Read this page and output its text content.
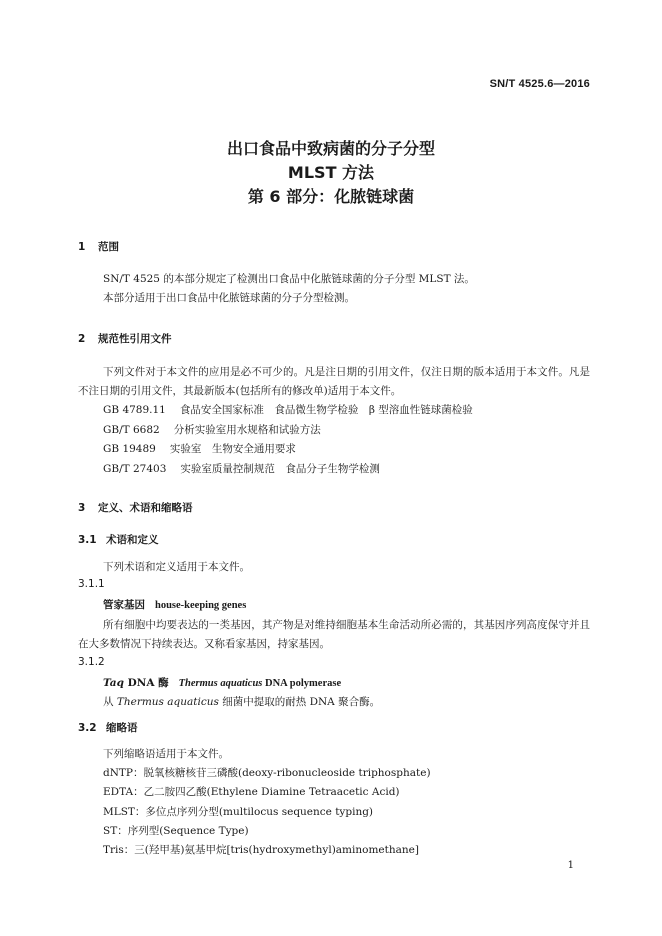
SN/T 4525.6—2016
出口食品中致病菌的分子分型
MLST 方法
第 6 部分：化脓链球菌
1 范围
SN/T 4525 的本部分规定了检测出口食品中化脓链球菌的分子分型 MLST 法。
本部分适用于出口食品中化脓链球菌的分子分型检测。
2 规范性引用文件
下列文件对于本文件的应用是必不可少的。凡是注日期的引用文件，仅注日期的版本适用于本文件。凡是不注日期的引用文件，其最新版本(包括所有的修改单)适用于本文件。
GB 4789.11 食品安全国家标准　食品微生物学检验　β 型溶血性链球菌检验
GB/T 6682 分析实验室用水规格和试验方法
GB 19489 实验室　生物安全通用要求
GB/T 27403 实验室质量控制规范　食品分子生物学检测
3 定义、术语和缩略语
3.1 术语和定义
下列术语和定义适用于本文件。
3.1.1
管家基因 house-keeping genes
所有细胞中均要表达的一类基因，其产物是对维持细胞基本生命活动所必需的，其基因序列高度保守并且在大多数情况下持续表达。又称看家基因，持家基因。
3.1.2
Taq DNA 酶 Thermus aquaticus DNA polymerase
从 Thermus aquaticus 细菌中提取的耐热 DNA 聚合酶。
3.2 缩略语
下列缩略语适用于本文件。
dNTP：脱氧核糖核苷三磷酸(deoxy-ribonucleoside triphosphate)
EDTA：乙二胺四乙酸(Ethylene Diamine Tetraacetic Acid)
MLST：多位点序列分型(multilocus sequence typing)
ST：序列型(Sequence Type)
Tris：三(羟甲基)氨基甲烷[tris(hydroxymethyl)aminomethane]
1
